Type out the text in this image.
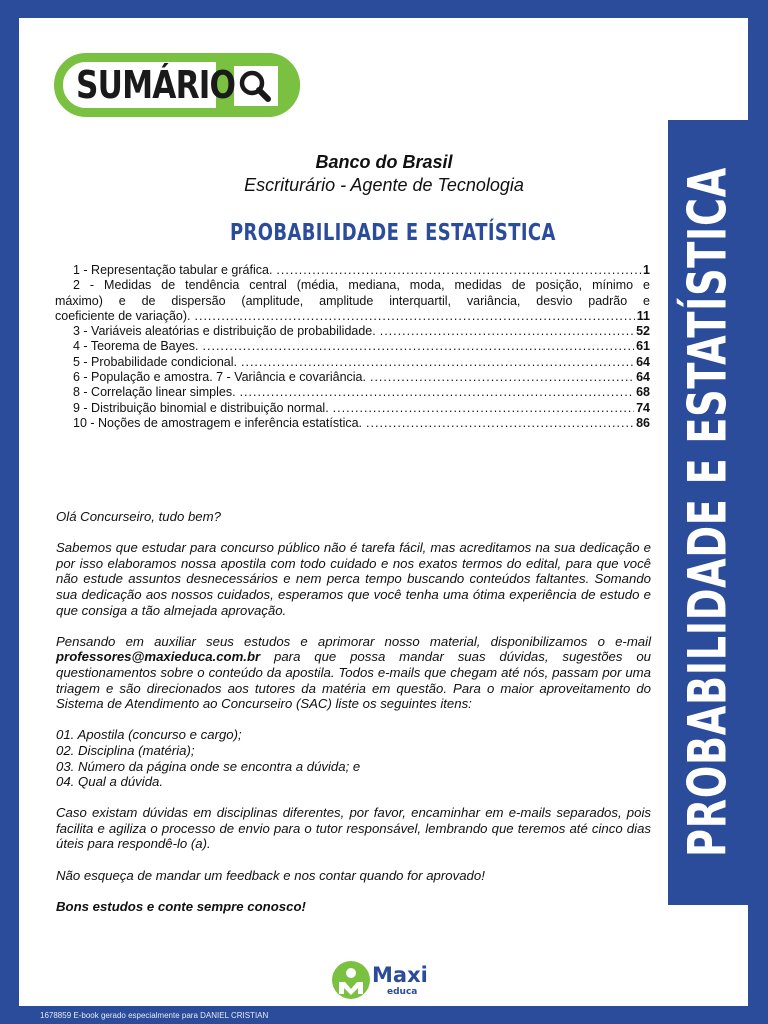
PROBABILIDADE E ESTATÍSTICA
SUMÁRIO
Banco do Brasil
Escriturário - Agente de Tecnologia
PROBABILIDADE E ESTATÍSTICA
1 - Representação tabular e gráfica. .....	1
2 - Medidas de tendência central (média, mediana, moda, medidas de posição, mínimo e
máximo) e de dispersão (amplitude, amplitude interquartil, variância, desvio padrão e
coeficiente de variação). .....	11
3 - Variáveis aleatórias e distribuição de probabilidade. .....	52
4 - Teorema de Bayes. .....	61
5 - Probabilidade condicional. .....	64
6 - População e amostra. 7 - Variância e covariância. .....	64
8 - Correlação linear simples. .....	68
9 - Distribuição binomial e distribuição normal. .....	74
10 - Noções de amostragem e inferência estatística. .....	86

Olá Concurseiro, tudo bem?

Sabemos que estudar para concurso público não é tarefa fácil, mas acreditamos na sua dedicação e por isso elaboramos nossa apostila com todo cuidado e nos exatos termos do edital, para que você não estude assuntos desnecessários e nem perca tempo buscando conteúdos faltantes. Somando sua dedicação aos nossos cuidados, esperamos que você tenha uma ótima experiência de estudo e que consiga a tão almejada aprovação.

Pensando em auxiliar seus estudos e aprimorar nosso material, disponibilizamos o e-mail professores@maxieduca.com.br para que possa mandar suas dúvidas, sugestões ou questionamentos sobre o conteúdo da apostila. Todos e-mails que chegam até nós, passam por uma triagem e são direcionados aos tutores da matéria em questão. Para o maior aproveitamento do Sistema de Atendimento ao Concurseiro (SAC) liste os seguintes itens:

01. Apostila (concurso e cargo);
02. Disciplina (matéria);
03. Número da página onde se encontra a dúvida; e
04. Qual a dúvida.

Caso existam dúvidas em disciplinas diferentes, por favor, encaminhar em e-mails separados, pois facilita e agiliza o processo de envio para o tutor responsável, lembrando que teremos até cinco dias úteis para respondê-lo (a).

Não esqueça de mandar um feedback e nos contar quando for aprovado!

Bons estudos e conte sempre conosco!

Maxi
educa
1678859 E-book gerado especialmente para DANIEL CRISTIAN
